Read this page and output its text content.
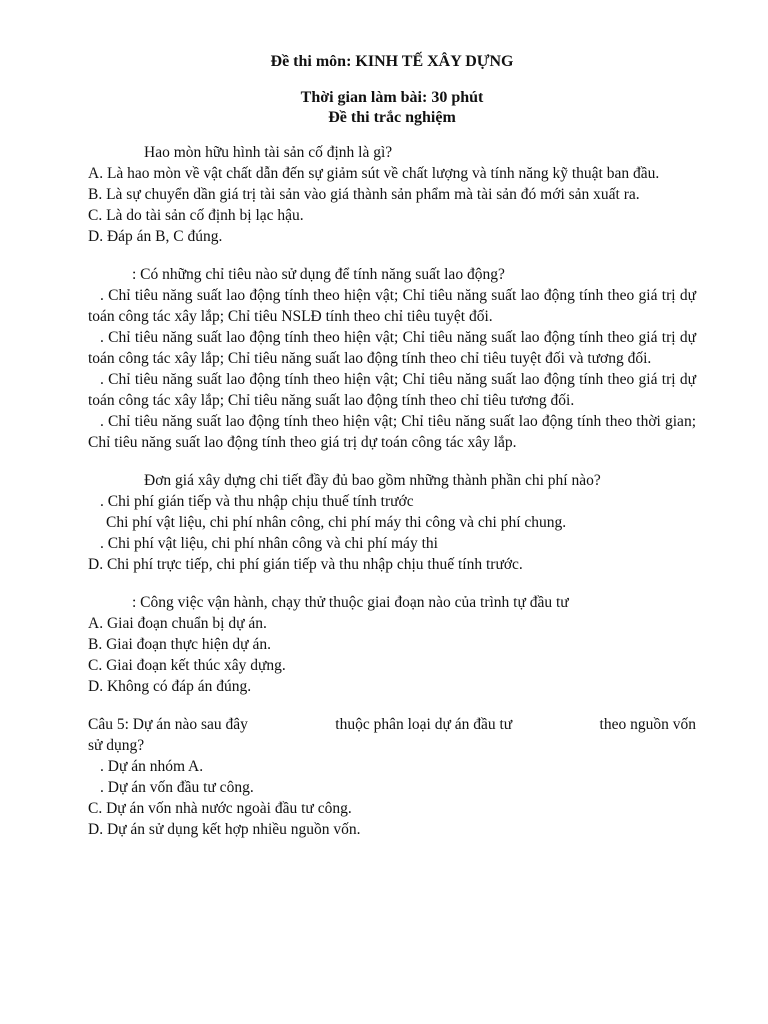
Đề thi môn: KINH TẾ XÂY DỰNG
Thời gian làm bài: 30 phút
Đề thi trắc nghiệm
Hao mòn hữu hình tài sản cố định là gì?
A. Là hao mòn về vật chất dẫn đến sự giảm sút về chất lượng và tính năng kỹ thuật ban đầu.
B. Là sự chuyển dần giá trị tài sản vào giá thành sản phẩm mà tài sản đó mới sản xuất ra.
C. Là do tài sản cố định bị lạc hậu.
D. Đáp án B, C đúng.
: Có những chỉ tiêu nào sử dụng để tính năng suất lao động?
. Chỉ tiêu năng suất lao động tính theo hiện vật; Chỉ tiêu năng suất lao động tính theo giá trị dự toán công tác xây lắp; Chỉ tiêu NSLĐ tính theo chỉ tiêu tuyệt đối.
. Chỉ tiêu năng suất lao động tính theo hiện vật; Chỉ tiêu năng suất lao động tính theo giá trị dự toán công tác xây lắp; Chỉ tiêu năng suất lao động tính theo chỉ tiêu tuyệt đối và tương đối.
. Chỉ tiêu năng suất lao động tính theo hiện vật; Chỉ tiêu năng suất lao động tính theo giá trị dự toán công tác xây lắp; Chỉ tiêu năng suất lao động tính theo chỉ tiêu tương đối.
. Chỉ tiêu năng suất lao động tính theo hiện vật; Chỉ tiêu năng suất lao động tính theo thời gian; Chỉ tiêu năng suất lao động tính theo giá trị dự toán công tác xây lắp.
Đơn giá xây dựng chi tiết đầy đủ bao gồm những thành phần chi phí nào?
. Chi phí gián tiếp và thu nhập chịu thuế tính trước
Chi phí vật liệu, chi phí nhân công, chi phí máy thi công và chi phí chung.
. Chi phí vật liệu, chi phí nhân công và chi phí máy thi
D. Chi phí trực tiếp, chi phí gián tiếp và thu nhập chịu thuế tính trước.
: Công việc vận hành, chạy thử thuộc giai đoạn nào của trình tự đầu tư
A. Giai đoạn chuẩn bị dự án.
B. Giai đoạn thực hiện dự án.
C. Giai đoạn kết thúc xây dựng.
D. Không có đáp án đúng.
Câu 5: Dự án nào sau đây	thuộc phân loại dự án đầu tư	theo nguồn vốn
sử dụng?
. Dự án nhóm A.
. Dự án vốn đầu tư công.
C. Dự án vốn nhà nước ngoài đầu tư công.
D. Dự án sử dụng kết hợp nhiều nguồn vốn.
